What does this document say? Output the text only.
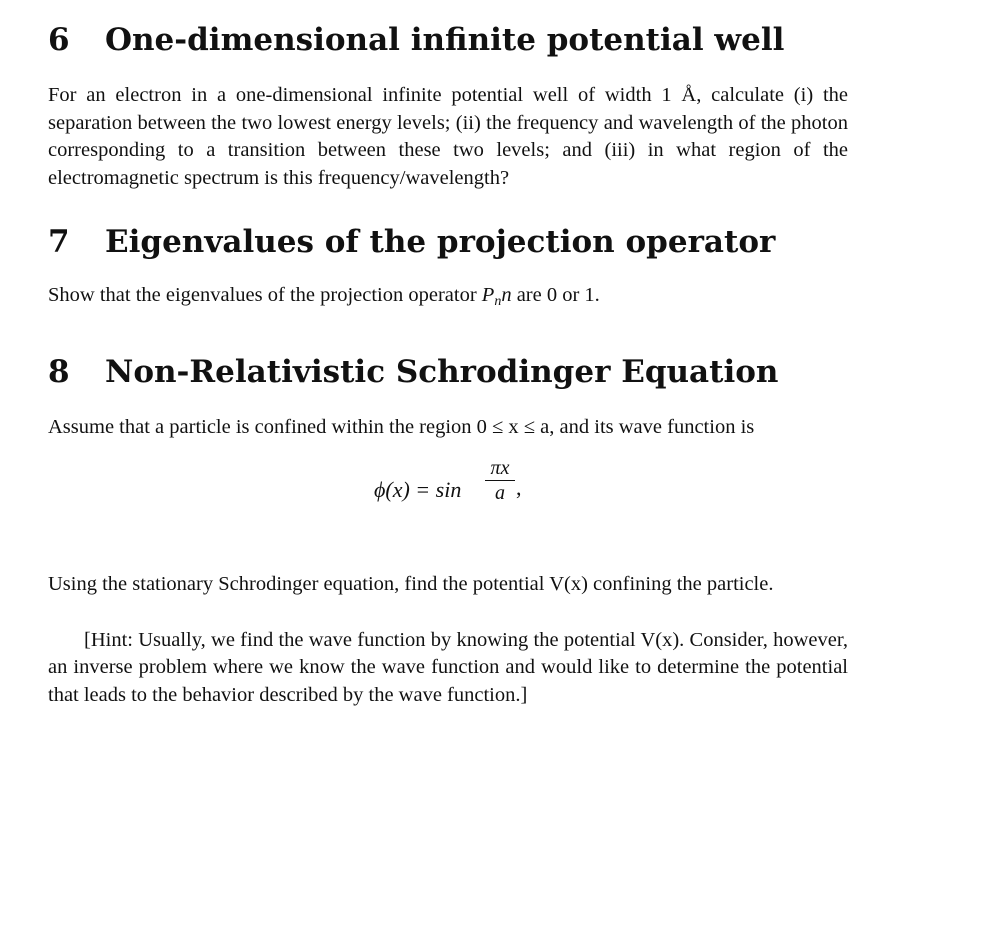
6	One-dimensional infinite potential well

For an electron in a one-dimensional infinite potential well of width 1 Å, calculate (i) the separation between the two lowest energy levels; (ii) the frequency and wavelength of the photon corresponding to a transition between these two levels; and (iii) in what region of the electromagnetic spectrum is this frequency/wavelength?

7	Eigenvalues of the projection operator

Show that the eigenvalues of the projection operator $P_nn$ are 0 or 1.

8	Non-Relativistic Schrodinger Equation

Assume that a particle is confined within the region 0 ≤ x ≤ a, and its wave function is

ϕ(x) = sin
πx
a ,

Using the stationary Schrodinger equation, find the potential V(x) confining the particle.

[Hint: Usually, we find the wave function by knowing the potential V(x). Consider, however, an inverse problem where we know the wave function and would like to determine the potential that leads to the behavior described by the wave function.]
